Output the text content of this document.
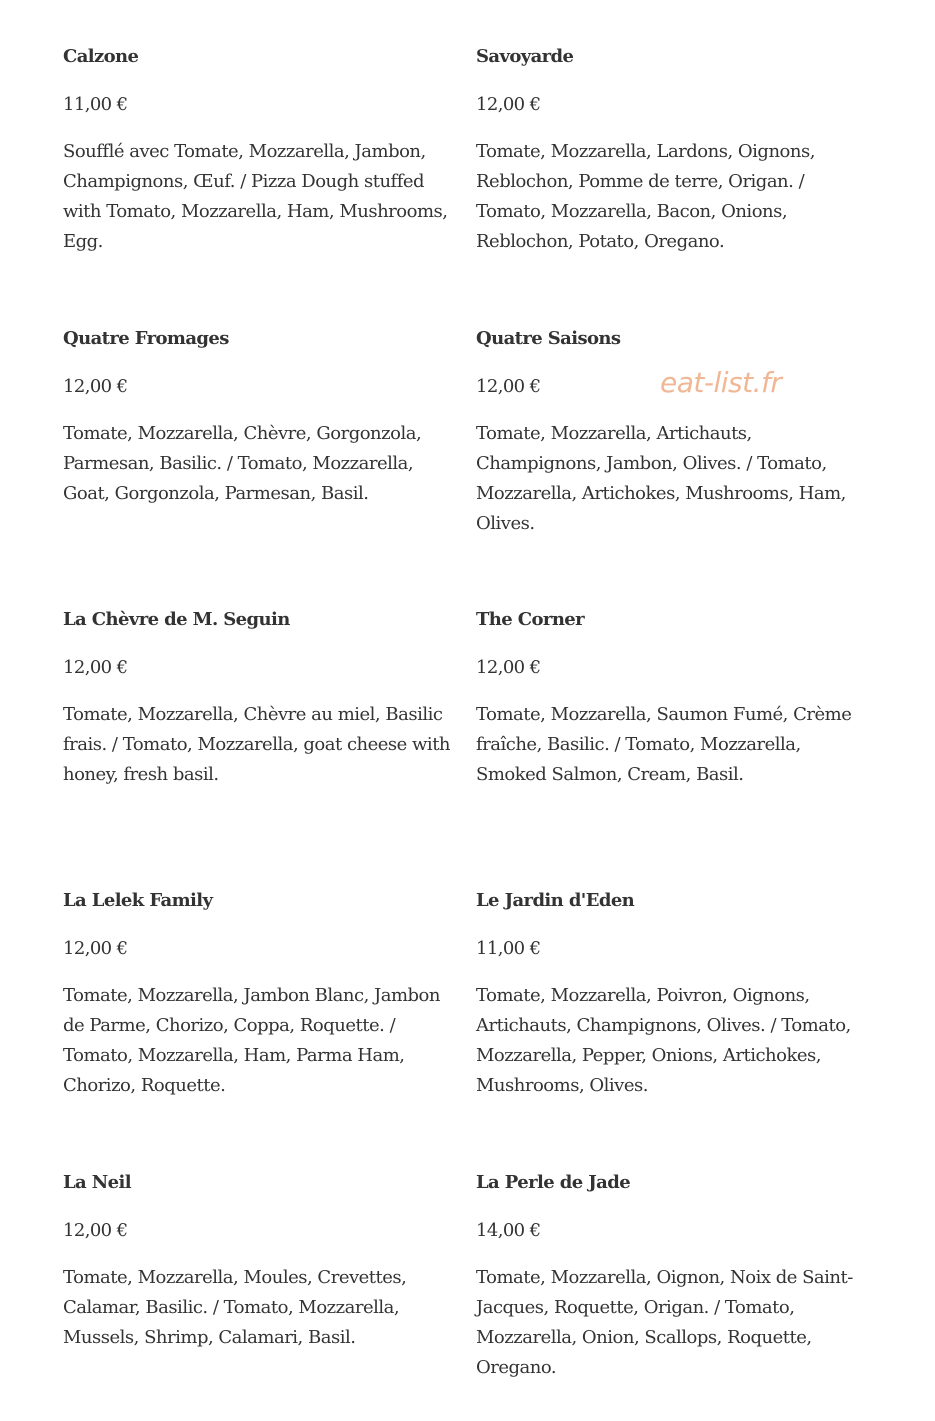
Calzone
11,00 €

Soufflé avec Tomate, Mozzarella, Jambon, Champignons, Œuf. / Pizza Dough stuffed with Tomato, Mozzarella, Ham, Mushrooms, Egg.

Savoyarde
12,00 €

Tomate, Mozzarella, Lardons, Oignons, Reblochon, Pomme de terre, Origan. / Tomato, Mozzarella, Bacon, Onions, Reblochon, Potato, Oregano.

Quatre Fromages
12,00 €

Tomate, Mozzarella, Chèvre, Gorgonzola, Parmesan, Basilic. / Tomato, Mozzarella, Goat, Gorgonzola, Parmesan, Basil.

Quatre Saisons
12,00 €

Tomate, Mozzarella, Artichauts, Champignons, Jambon, Olives. / Tomato, Mozzarella, Artichokes, Mushrooms, Ham, Olives.

La Chèvre de M. Seguin
12,00 €

Tomate, Mozzarella, Chèvre au miel, Basilic frais. / Tomato, Mozzarella, goat cheese with honey, fresh basil.

The Corner
12,00 €

Tomate, Mozzarella, Saumon Fumé, Crème fraîche, Basilic. / Tomato, Mozzarella, Smoked Salmon, Cream, Basil.

La Lelek Family
12,00 €

Tomate, Mozzarella, Jambon Blanc, Jambon de Parme, Chorizo, Coppa, Roquette. / Tomato, Mozzarella, Ham, Parma Ham, Chorizo, Roquette.

Le Jardin d'Eden
11,00 €

Tomate, Mozzarella, Poivron, Oignons, Artichauts, Champignons, Olives. / Tomato, Mozzarella, Pepper, Onions, Artichokes, Mushrooms, Olives.

La Neil
12,00 €

Tomate, Mozzarella, Moules, Crevettes, Calamar, Basilic. / Tomato, Mozzarella, Mussels, Shrimp, Calamari, Basil.

La Perle de Jade
14,00 €

Tomate, Mozzarella, Oignon, Noix de Saint-Jacques, Roquette, Origan. / Tomato, Mozzarella, Onion, Scallops, Roquette, Oregano.

eat-list.fr
